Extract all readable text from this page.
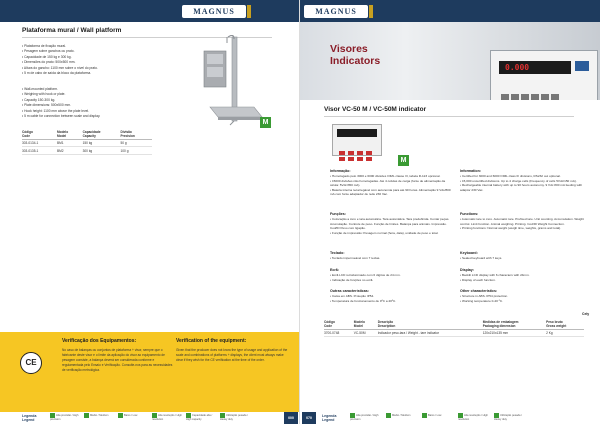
MAGNUS
Plataforma mural / Wall platform
• Plataforma de fixação mural.
• Pesagem sobre ganchos ou prato.
• Capacidade de 150 kg e 300 kg.
• Dimensões do prato: 500x500 mm.
• Altura do gancho: 1100 mm sobre o nível do prato.
• 5 m de cabo de saída da bloco da plataforma.
• Wall-mounted platform.
• Weighing with hook or plate.
• Capacity 150-300 kg.
• Plate dimensions: 500x500 mm.
• Hook height: 1100 mm above the plate level.
• 5 m cable for connection between scale and display.
M
Código
Code	Modelo
Model	Capacidade
Capacity	Divisão
Precision
303-0134-1	BM1	150 kg	50 g
303-0135-1	BM2	300 kg	100 g
CE
Verificação dos Equipamentos:
No caso de balanças ou conjuntos de plataforma + visor, sempre que o fabricante deste visor e o limite da aplicação do visor ao equipamento de pesagem consiste, a balança deverá ser considerada conforme e regulamentada pelo Ensaio e Verificação. Consulte-nos para as necessidades de verificação metrológica.
Verification of the equipment:
Given that the producer does not know the type of usage and application of the scale and combinations of platforms + displays, the client must always make clear if they wish for the CE verification at the time of the order.
Legenda
Legend
Alta precisão / High precision
Médio / Medium	Baixo / Low	Alta resolução / High resolution
Capacidade alta / High capacity
Utilização pesada / Heavy duty	000
MAGNUS
0.000
Visores
Indicators
Visor VC-50 M / VC-50M indicator
M
Informação:
• Homologado pelo 3000 e 6000 divisões OIML classe III, tabela R-123 opcional.
• 15000 divisões não homologadas. Até 4 células de carga (fonte de alimentação da célula: 5Vdc/350 mA).
• Bateria interna recarregável com autonomia para até 90 horas. Alimentação 9 Vdc/800 mA com fonte adaptador de rede 230 Vac.
Funções:
• Colocação a zero e tara automática. Tara automática. Tara predefinida. Contar peças. Acumulação. Controle de peso. Função de limites. Balança para animais. Impressão. Cod/ID Peso com ligação.
• Função de impressão: Pesagem normal (hora, data), unidade de peso e total.
Teclado:
• Teclado impermeável com 7 teclas.
Ecrã:
• Ecrã LCD retroiluminado com 6 dígitos de 24 mm.
• Indicação de funções no ecrã.
Outras características:
• Caixa em ABS. Proteção IP54.
• Temperatura de funcionamento de 0ºC a 40ºC.
Information:
• Certified for 3000 and 6000 OIML class III divisions, RS232 out optional.
• 15,000 uncertified divisions. Up to 4 charge cells (Frequency of cells 5Vdc/150 mA).
• Rechargeable internal battery with up to 90 hours autonomy. 9 Vdc 800 mA feeding with adaptor 230 Vac.
Functions:
• Automatic tare to zero. Automatic tare. Prefixed tare. Unit counting. Accumulation. Weight control. Limit function. Animal weighing. Printing. Cod/ID Weight Connection.
• Printing functions: Normal weight (weigh time, weights, grams and total).
Keyboard:
• Sealed keyboard with 7 keys.
Display:
• Backlit LCD display with 6 characters with 24mm.
• Display of each function.
Other characteristics:
• Structure in ABS. IP54 protection.
• Working temperature 0-40 ºC.
Cely
Código
Code	Modelo
Model	Descrição
Description	Medidas de embalagem
Packaging dimension	Peso bruto
Gross weight
3700-0748	VC-50M	Indicador peso-tara / Weight - tare indicator	120x210x135 mm	2 Kg
070	Legenda
Legend
Alta precisão / High precision
Médio / Medium	Baixo / Low	Alta resolução / High resolution
Utilização pesada / Heavy duty
